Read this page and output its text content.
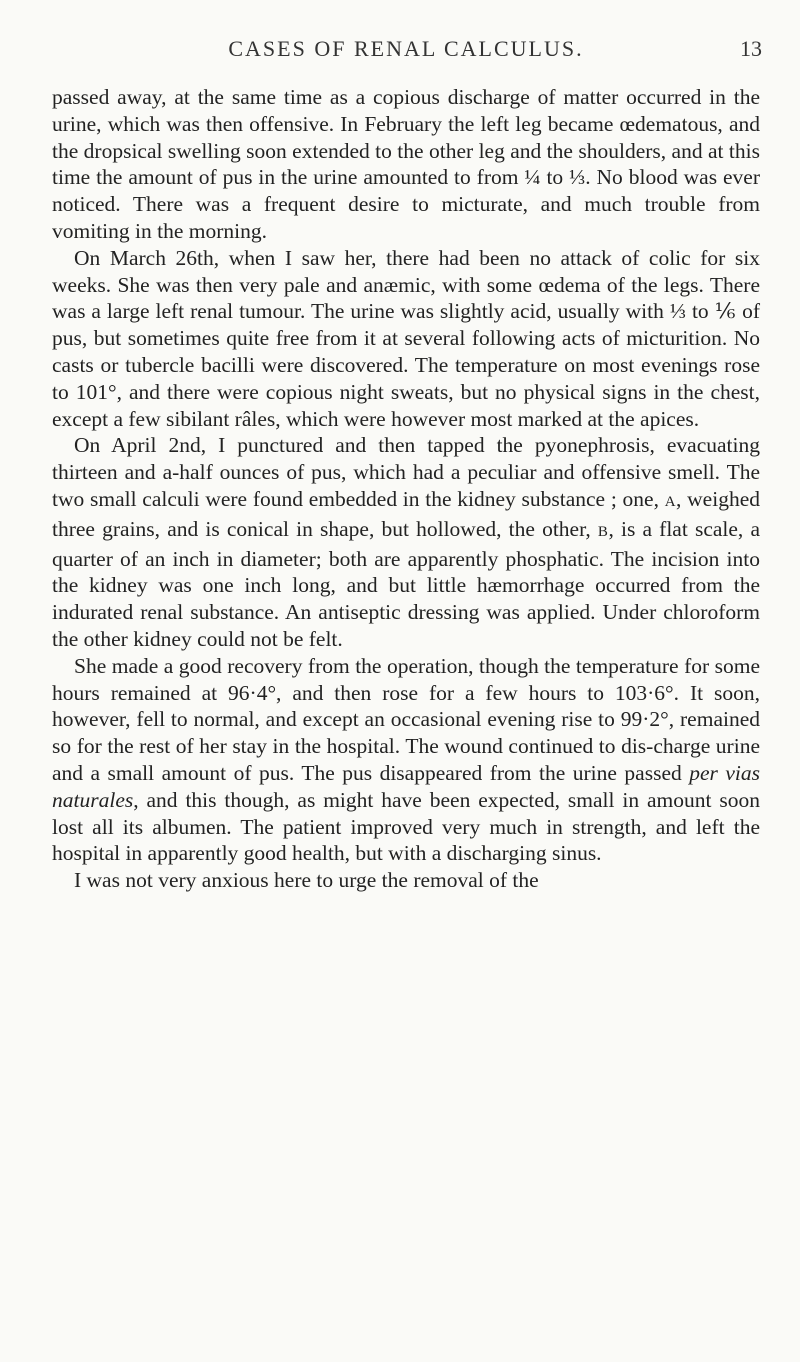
CASES OF RENAL CALCULUS.	13

passed away, at the same time as a copious discharge of matter occurred in the urine, which was then offensive. In February the left leg became œdematous, and the dropsical swelling soon extended to the other leg and the shoulders, and at this time the amount of pus in the urine amounted to from ¼ to ⅓. No blood was ever noticed. There was a frequent desire to micturate, and much trouble from vomiting in the morning.

On March 26th, when I saw her, there had been no attack of colic for six weeks. She was then very pale and anæmic, with some œdema of the legs. There was a large left renal tumour. The urine was slightly acid, usually with ⅓ to ⅙ of pus, but sometimes quite free from it at several following acts of micturition. No casts or tubercle bacilli were discovered. The temperature on most evenings rose to 101°, and there were copious night sweats, but no physical signs in the chest, except a few sibilant râles, which were however most marked at the apices.

On April 2nd, I punctured and then tapped the pyonephrosis, evacuating thirteen and a-half ounces of pus, which had a peculiar and offensive smell. The two small calculi were found embedded in the kidney substance ; one, A, weighed three grains, and is conical in shape, but hollowed, the other, B, is a flat scale, a quarter of an inch in diameter; both are apparently phosphatic. The incision into the kidney was one inch long, and but little hæmorrhage occurred from the indurated renal substance. An antiseptic dressing was applied. Under chloroform the other kidney could not be felt.

She made a good recovery from the operation, though the temperature for some hours remained at 96·4°, and then rose for a few hours to 103·6°. It soon, however, fell to normal, and except an occasional evening rise to 99·2°, remained so for the rest of her stay in the hospital. The wound continued to dis-charge urine and a small amount of pus. The pus disappeared from the urine passed per vias naturales, and this though, as might have been expected, small in amount soon lost all its albumen. The patient improved very much in strength, and left the hospital in apparently good health, but with a discharging sinus.

I was not very anxious here to urge the removal of the
